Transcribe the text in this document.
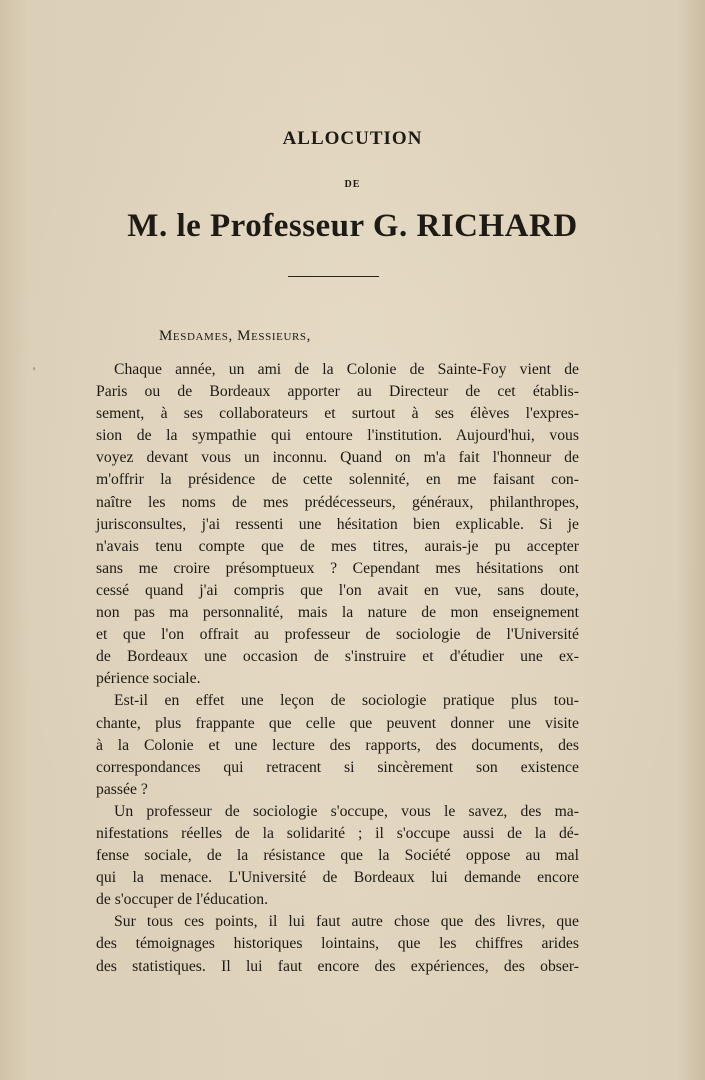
ALLOCUTION
DE
M. le Professeur G. RICHARD
'
Mesdames, Messieurs,
Chaque année, un ami de la Colonie de Sainte-Foy vient de
Paris ou de Bordeaux apporter au Directeur de cet établis-
sement, à ses collaborateurs et surtout à ses élèves l'expres-
sion de la sympathie qui entoure l'institution. Aujourd'hui, vous
voyez devant vous un inconnu. Quand on m'a fait l'honneur de
m'offrir la présidence de cette solennité, en me faisant con-
naître les noms de mes prédécesseurs, généraux, philanthropes,
jurisconsultes, j'ai ressenti une hésitation bien explicable. Si je
n'avais tenu compte que de mes titres, aurais-je pu accepter
sans me croire présomptueux ? Cependant mes hésitations ont
cessé quand j'ai compris que l'on avait en vue, sans doute,
non pas ma personnalité, mais la nature de mon enseignement
et que l'on offrait au professeur de sociologie de l'Université
de Bordeaux une occasion de s'instruire et d'étudier une ex-
périence sociale.
Est-il en effet une leçon de sociologie pratique plus tou-
chante, plus frappante que celle que peuvent donner une visite
à la Colonie et une lecture des rapports, des documents, des
correspondances qui retracent si sincèrement son existence
passée ?
Un professeur de sociologie s'occupe, vous le savez, des ma-
nifestations réelles de la solidarité ; il s'occupe aussi de la dé-
fense sociale, de la résistance que la Société oppose au mal
qui la menace. L'Université de Bordeaux lui demande encore
de s'occuper de l'éducation.
Sur tous ces points, il lui faut autre chose que des livres, que
des témoignages historiques lointains, que les chiffres arides
des statistiques. Il lui faut encore des expériences, des obser-
